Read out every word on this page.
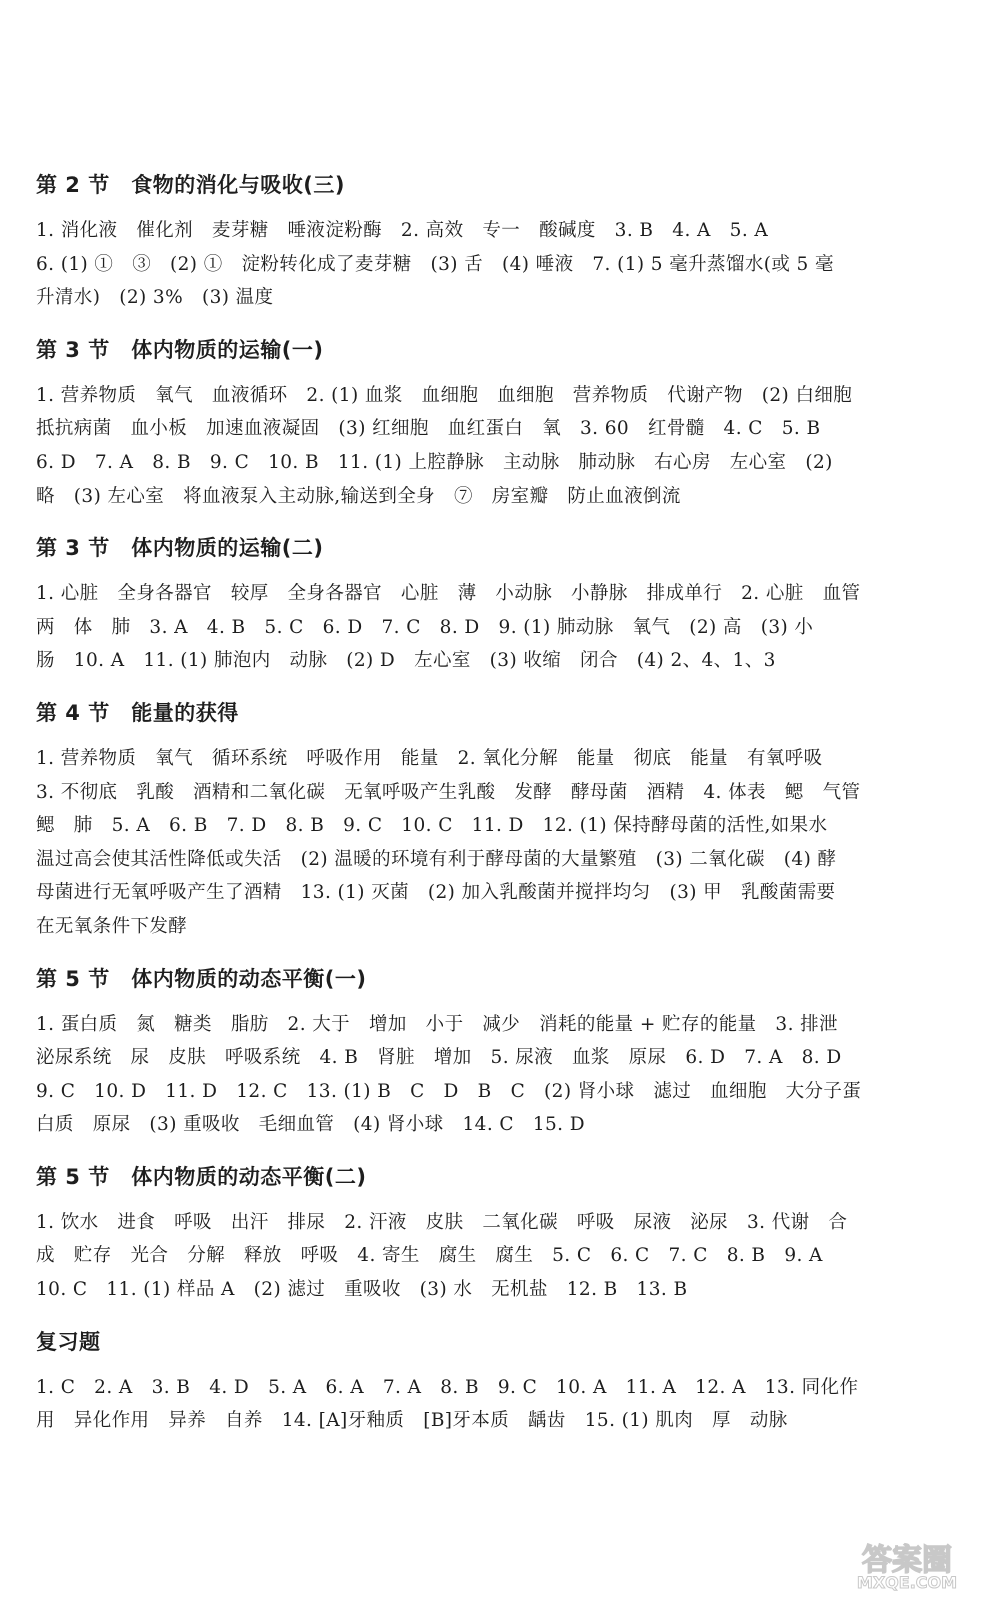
第 2 节　食物的消化与吸收(三)
1. 消化液　催化剂　麦芽糖　唾液淀粉酶　2. 高效　专一　酸碱度　3. B　4. A　5. A
6. (1) ①　③　(2) ①　淀粉转化成了麦芽糖　(3) 舌　(4) 唾液　7. (1) 5 毫升蒸馏水(或 5 毫
升清水)　(2) 3%　(3) 温度
第 3 节　体内物质的运输(一)
1. 营养物质　氧气　血液循环　2. (1) 血浆　血细胞　血细胞　营养物质　代谢产物　(2) 白细胞
抵抗病菌　血小板　加速血液凝固　(3) 红细胞　血红蛋白　氧　3. 60　红骨髓　4. C　5. B
6. D　7. A　8. B　9. C　10. B　11. (1) 上腔静脉　主动脉　肺动脉　右心房　左心室　(2)
略　(3) 左心室　将血液泵入主动脉,输送到全身　⑦　房室瓣　防止血液倒流
第 3 节　体内物质的运输(二)
1. 心脏　全身各器官　较厚　全身各器官　心脏　薄　小动脉　小静脉　排成单行　2. 心脏　血管
两　体　肺　3. A　4. B　5. C　6. D　7. C　8. D　9. (1) 肺动脉　氧气　(2) 高　(3) 小
肠　10. A　11. (1) 肺泡内　动脉　(2) D　左心室　(3) 收缩　闭合　(4) 2、4、1、3
第 4 节　能量的获得
1. 营养物质　氧气　循环系统　呼吸作用　能量　2. 氧化分解　能量　彻底　能量　有氧呼吸
3. 不彻底　乳酸　酒精和二氧化碳　无氧呼吸产生乳酸　发酵　酵母菌　酒精　4. 体表　鳃　气管
鳃　肺　5. A　6. B　7. D　8. B　9. C　10. C　11. D　12. (1) 保持酵母菌的活性,如果水
温过高会使其活性降低或失活　(2) 温暖的环境有利于酵母菌的大量繁殖　(3) 二氧化碳　(4) 酵
母菌进行无氧呼吸产生了酒精　13. (1) 灭菌　(2) 加入乳酸菌并搅拌均匀　(3) 甲　乳酸菌需要
在无氧条件下发酵
第 5 节　体内物质的动态平衡(一)
1. 蛋白质　氮　糖类　脂肪　2. 大于　增加　小于　减少　消耗的能量 + 贮存的能量　3. 排泄
泌尿系统　尿　皮肤　呼吸系统　4. B　肾脏　增加　5. 尿液　血浆　原尿　6. D　7. A　8. D
9. C　10. D　11. D　12. C　13. (1) B　C　D　B　C　(2) 肾小球　滤过　血细胞　大分子蛋
白质　原尿　(3) 重吸收　毛细血管　(4) 肾小球　14. C　15. D
第 5 节　体内物质的动态平衡(二)
1. 饮水　进食　呼吸　出汗　排尿　2. 汗液　皮肤　二氧化碳　呼吸　尿液　泌尿　3. 代谢　合
成　贮存　光合　分解　释放　呼吸　4. 寄生　腐生　腐生　5. C　6. C　7. C　8. B　9. A
10. C　11. (1) 样品 A　(2) 滤过　重吸收　(3) 水　无机盐　12. B　13. B
复习题
1. C　2. A　3. B　4. D　5. A　6. A　7. A　8. B　9. C　10. A　11. A　12. A　13. 同化作
用　异化作用　异养　自养　14. [A]牙釉质　[B]牙本质　龋齿　15. (1) 肌肉　厚　动脉
答案圈
MXQE.COM
